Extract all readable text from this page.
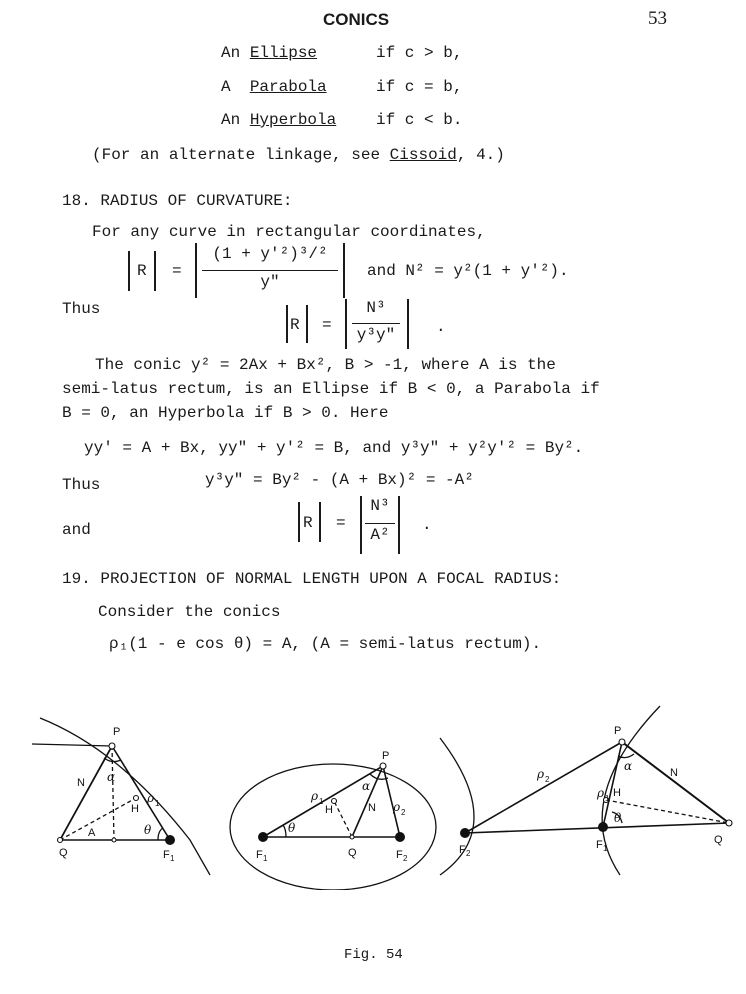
CONICS	53
An Ellipse	if c > b,
A Parabola	if c = b,
An Hyperbola if c < b.
(For an alternate linkage, see Cissoid, 4.)
18. RADIUS OF CURVATURE:
For any curve in rectangular coordinates,
R =
(1 + y'²)³/²
y"
and N² = y²(1 + y'²).
Thus
R =
N³
y³y"	.
The conic y² = 2Ax + Bx², B > -1, where A is the
semi-latus rectum, is an Ellipse if B < 0, a Parabola if
B = 0, an Hyperbola if B > 0. Here
yy' = A + Bx, yy" + y'² = B, and y³y" + y²y'² = By².
Thus	y³y" = By² - (A + Bx)² = -A²
and	R =
N³
A²
.
19. PROJECTION OF NORMAL LENGTH UPON A FOCAL RADIUS:
Consider the conics
ρ₁(1 - e cos θ) = A, (A = semi-latus rectum).
P
N α
H
ρ 1
A	θ
Q	F 1
P
α
ρ 1
H	N ρ 2
θ
F 1	Q	F 2
P
α	N
ρ 2
ρ 1 H
θ
F 2
F 1
Q
Fig. 54
